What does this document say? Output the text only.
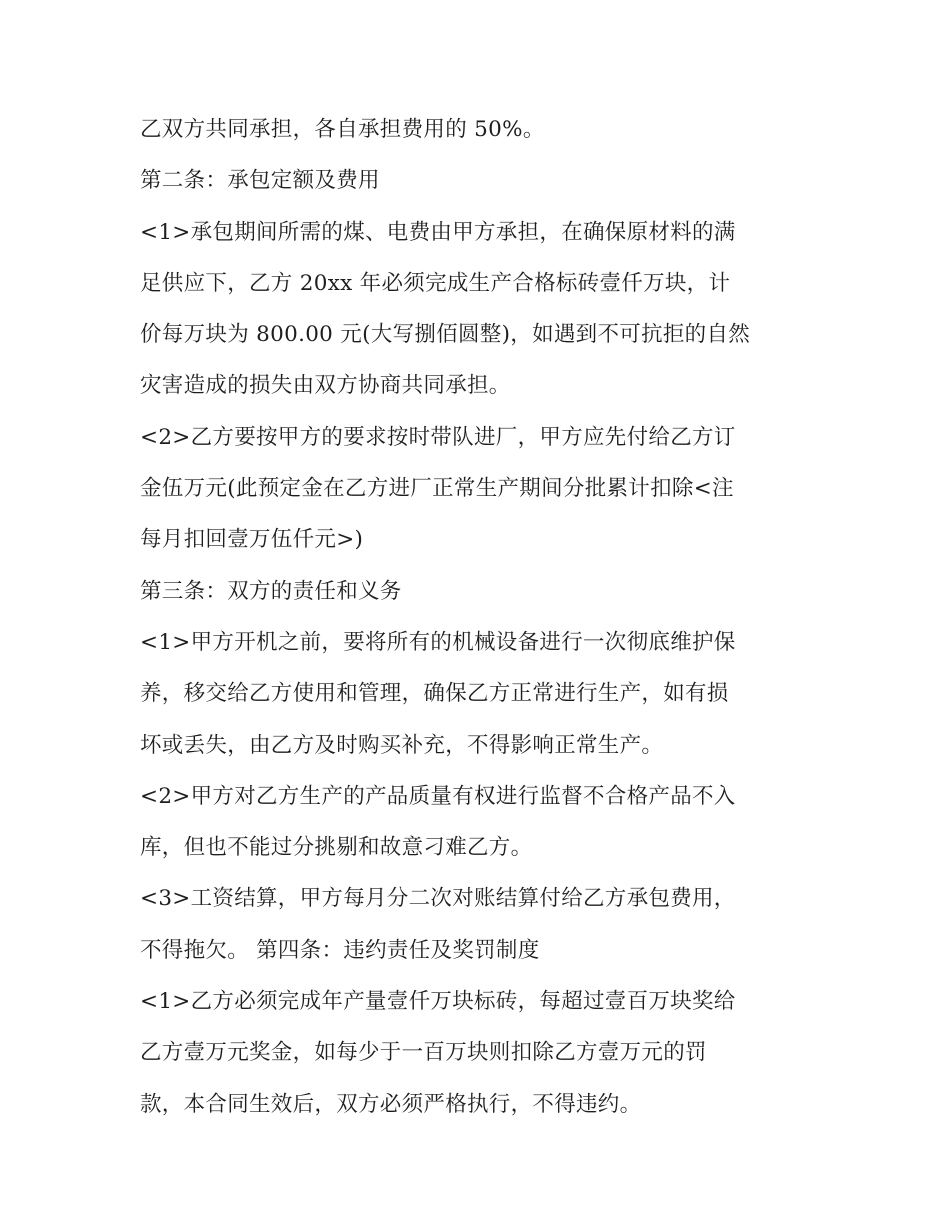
乙双方共同承担，各自承担费用的 50%。
第二条：承包定额及费用
<1>承包期间所需的煤、电费由甲方承担，在确保原材料的满
足供应下，乙方 20xx 年必须完成生产合格标砖壹仟万块，计
价每万块为 800.00 元(大写捌佰圆整)，如遇到不可抗拒的自然
灾害造成的损失由双方协商共同承担。
<2>乙方要按甲方的要求按时带队进厂，甲方应先付给乙方订
金伍万元(此预定金在乙方进厂正常生产期间分批累计扣除<注
每月扣回壹万伍仟元>)
第三条：双方的责任和义务
<1>甲方开机之前，要将所有的机械设备进行一次彻底维护保
养，移交给乙方使用和管理，确保乙方正常进行生产，如有损
坏或丢失，由乙方及时购买补充，不得影响正常生产。
<2>甲方对乙方生产的产品质量有权进行监督不合格产品不入
库，但也不能过分挑剔和故意刁难乙方。
<3>工资结算，甲方每月分二次对账结算付给乙方承包费用，
不得拖欠。 第四条：违约责任及奖罚制度
<1>乙方必须完成年产量壹仟万块标砖，每超过壹百万块奖给
乙方壹万元奖金，如每少于一百万块则扣除乙方壹万元的罚
款，本合同生效后，双方必须严格执行，不得违约。
